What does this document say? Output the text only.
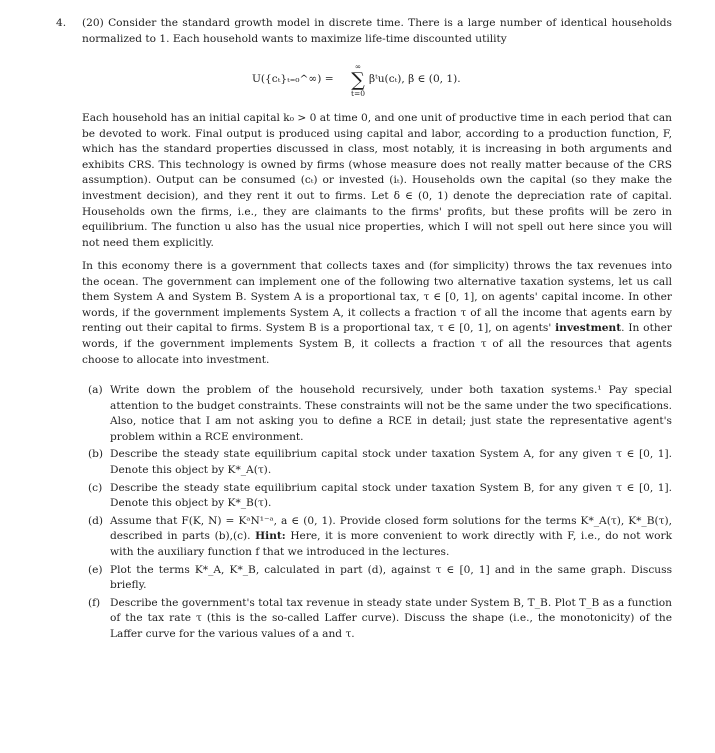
4. (20) Consider the standard growth model in discrete time. There is a large number of identical households normalized to 1. Each household wants to maximize life-time discounted utility
U({cₜ}ₜ₌₀^∞) =
∞
∑
t=0
βᵗu(cₜ), β ∈ (0, 1).
Each household has an initial capital k₀ > 0 at time 0, and one unit of productive time in each period that can be devoted to work. Final output is produced using capital and labor, according to a production function, F, which has the standard properties discussed in class, most notably, it is increasing in both arguments and exhibits CRS. This technology is owned by firms (whose measure does not really matter because of the CRS assumption). Output can be consumed (cₜ) or invested (iₜ). Households own the capital (so they make the investment decision), and they rent it out to firms. Let δ ∈ (0, 1) denote the depreciation rate of capital. Households own the firms, i.e., they are claimants to the firms' profits, but these profits will be zero in equilibrium. The function u also has the usual nice properties, which I will not spell out here since you will not need them explicitly.
In this economy there is a government that collects taxes and (for simplicity) throws the tax revenues into the ocean. The government can implement one of the following two alternative taxation systems, let us call them System A and System B. System A is a proportional tax, τ ∈ [0, 1], on agents' capital income. In other words, if the government implements System A, it collects a fraction τ of all the income that agents earn by renting out their capital to firms. System B is a proportional tax, τ ∈ [0, 1], on agents' investment. In other words, if the government implements System B, it collects a fraction τ of all the resources that agents choose to allocate into investment.
(a) Write down the problem of the household recursively, under both taxation systems.¹ Pay special attention to the budget constraints. These constraints will not be the same under the two specifications. Also, notice that I am not asking you to define a RCE in detail; just state the representative agent's problem within a RCE environment.
(b) Describe the steady state equilibrium capital stock under taxation System A, for any given τ ∈ [0, 1]. Denote this object by K*_A(τ).
(c) Describe the steady state equilibrium capital stock under taxation System B, for any given τ ∈ [0, 1]. Denote this object by K*_B(τ).
(d) Assume that F(K, N) = KᵃN¹⁻ᵃ, a ∈ (0, 1). Provide closed form solutions for the terms K*_A(τ), K*_B(τ), described in parts (b),(c). Hint: Here, it is more convenient to work directly with F, i.e., do not work with the auxiliary function f that we introduced in the lectures.
(e) Plot the terms K*_A, K*_B, calculated in part (d), against τ ∈ [0, 1] and in the same graph. Discuss briefly.
(f) Describe the government's total tax revenue in steady state under System B, T_B. Plot T_B as a function of the tax rate τ (this is the so-called Laffer curve). Discuss the shape (i.e., the monotonicity) of the Laffer curve for the various values of a and τ.
